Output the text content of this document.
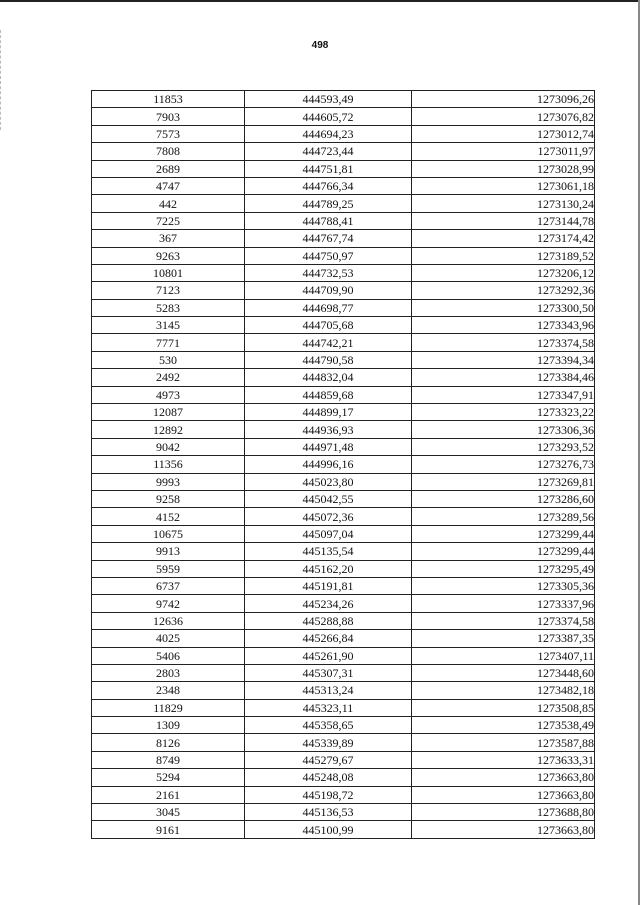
498
11853	444593,49	1273096,26
7903	444605,72	1273076,82
7573	444694,23	1273012,74
7808	444723,44	1273011,97
2689	444751,81	1273028,99
4747	444766,34	1273061,18
442	444789,25	1273130,24
7225	444788,41	1273144,78
367	444767,74	1273174,42
9263	444750,97	1273189,52
10801	444732,53	1273206,12
7123	444709,90	1273292,36
5283	444698,77	1273300,50
3145	444705,68	1273343,96
7771	444742,21	1273374,58
530	444790,58	1273394,34
2492	444832,04	1273384,46
4973	444859,68	1273347,91
12087	444899,17	1273323,22
12892	444936,93	1273306,36
9042	444971,48	1273293,52
11356	444996,16	1273276,73
9993	445023,80	1273269,81
9258	445042,55	1273286,60
4152	445072,36	1273289,56
10675	445097,04	1273299,44
9913	445135,54	1273299,44
5959	445162,20	1273295,49
6737	445191,81	1273305,36
9742	445234,26	1273337,96
12636	445288,88	1273374,58
4025	445266,84	1273387,35
5406	445261,90	1273407,11
2803	445307,31	1273448,60
2348	445313,24	1273482,18
11829	445323,11	1273508,85
1309	445358,65	1273538,49
8126	445339,89	1273587,88
8749	445279,67	1273633,31
5294	445248,08	1273663,80
2161	445198,72	1273663,80
3045	445136,53	1273688,80
9161	445100,99	1273663,80
